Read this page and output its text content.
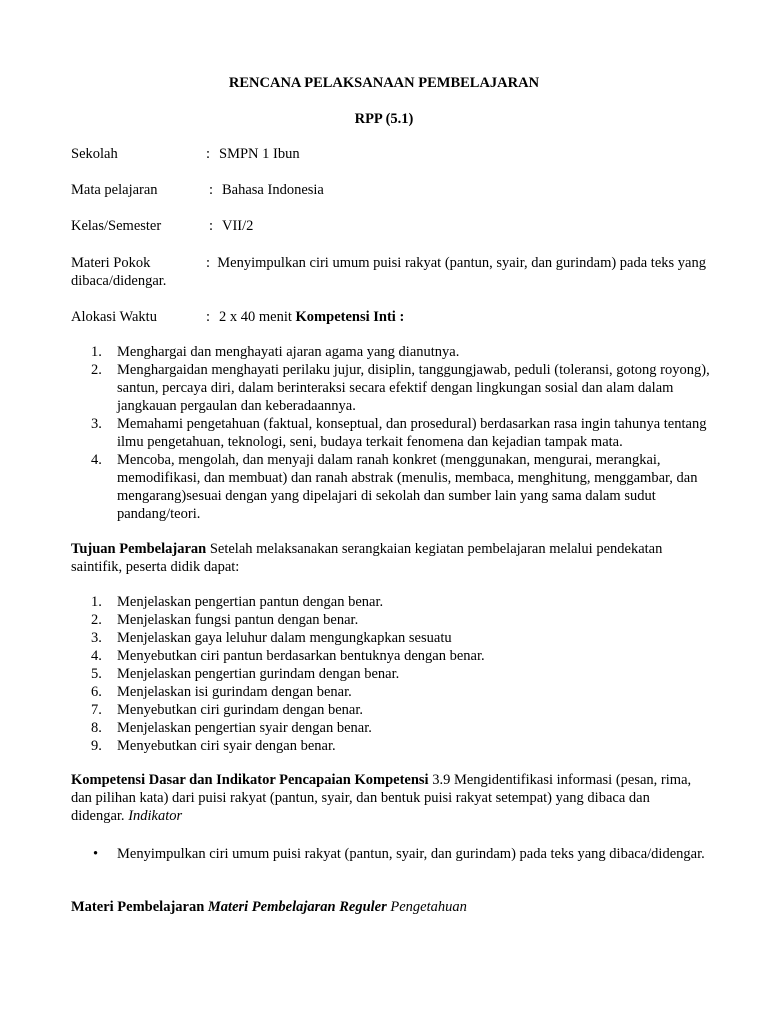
RENCANA PELAKSANAAN PEMBELAJARAN
RPP (5.1)
Sekolah	: SMPN 1 Ibun
Mata pelajaran	: Bahasa Indonesia
Kelas/Semester	: VII/2
Materi Pokok	: Menyimpulkan ciri umum puisi rakyat (pantun, syair, dan gurindam) pada teks yang dibaca/didengar.
Alokasi Waktu	: 2 x 40 menit Kompetensi Inti :
1. Menghargai dan menghayati ajaran agama yang dianutnya.
2. Menghargaidan menghayati perilaku jujur, disiplin, tanggungjawab, peduli (toleransi, gotong royong), santun, percaya diri, dalam berinteraksi secara efektif dengan lingkungan sosial dan alam dalam jangkauan pergaulan dan keberadaannya.
3. Memahami pengetahuan (faktual, konseptual, dan prosedural) berdasarkan rasa ingin tahunya tentang ilmu pengetahuan, teknologi, seni, budaya terkait fenomena dan kejadian tampak mata.
4. Mencoba, mengolah, dan menyaji dalam ranah konkret (menggunakan, mengurai, merangkai, memodifikasi, dan membuat) dan ranah abstrak (menulis, membaca, menghitung, menggambar, dan mengarang)sesuai dengan yang dipelajari di sekolah dan sumber lain yang sama dalam sudut pandang/teori.
Tujuan Pembelajaran Setelah melaksanakan serangkaian kegiatan pembelajaran melalui pendekatan saintifik, peserta didik dapat:
1. Menjelaskan pengertian pantun dengan benar.
2. Menjelaskan fungsi pantun dengan benar.
3. Menjelaskan gaya leluhur dalam mengungkapkan sesuatu
4. Menyebutkan ciri pantun berdasarkan bentuknya dengan benar.
5. Menjelaskan pengertian gurindam dengan benar.
6. Menjelaskan isi gurindam dengan benar.
7. Menyebutkan ciri gurindam dengan benar.
8. Menjelaskan pengertian syair dengan benar.
9. Menyebutkan ciri syair dengan benar.
Kompetensi Dasar dan Indikator Pencapaian Kompetensi 3.9 Mengidentifikasi informasi (pesan, rima, dan pilihan kata) dari puisi rakyat (pantun, syair, dan bentuk puisi rakyat setempat) yang dibaca dan didengar. Indikator
• Menyimpulkan ciri umum puisi rakyat (pantun, syair, dan gurindam) pada teks yang dibaca/didengar.
Materi Pembelajaran Materi Pembelajaran Reguler Pengetahuan
